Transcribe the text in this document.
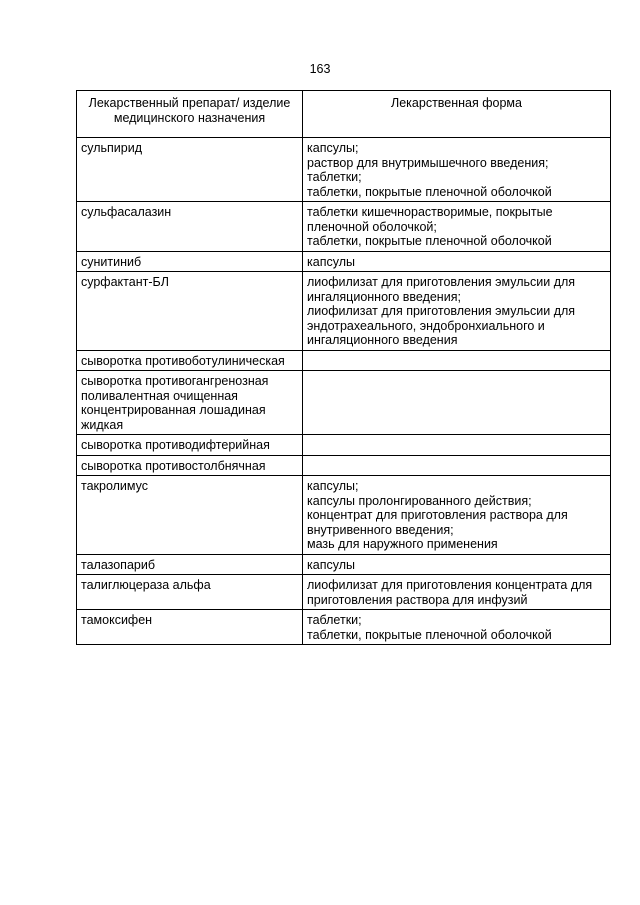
163
Лекарственный препарат/ изделие медицинского назначения	Лекарственная форма
сульпирид	капсулы;
раствор для внутримышечного введения;
таблетки;
таблетки, покрытые пленочной оболочкой

сульфасалазин	таблетки кишечнорастворимые, покрытые пленочной оболочкой;
таблетки, покрытые пленочной оболочкой

сунитиниб	капсулы

сурфактант-БЛ	лиофилизат для приготовления эмульсии для ингаляционного введения;
лиофилизат для приготовления эмульсии для эндотрахеального, эндобронхиального и ингаляционного введения

сыворотка противоботулиническая	
сыворотка противогангренозная поливалентная очищенная концентрированная лошадиная жидкая	
сыворотка противодифтерийная	
сыворотка противостолбнячная	
такролимус	капсулы;
капсулы пролонгированного действия;
концентрат для приготовления раствора для внутривенного введения;
мазь для наружного применения

талазопариб	капсулы

талиглюцераза альфа	лиофилизат для приготовления концентрата для приготовления раствора для инфузий

тамоксифен	таблетки;
таблетки, покрытые пленочной оболочкой
